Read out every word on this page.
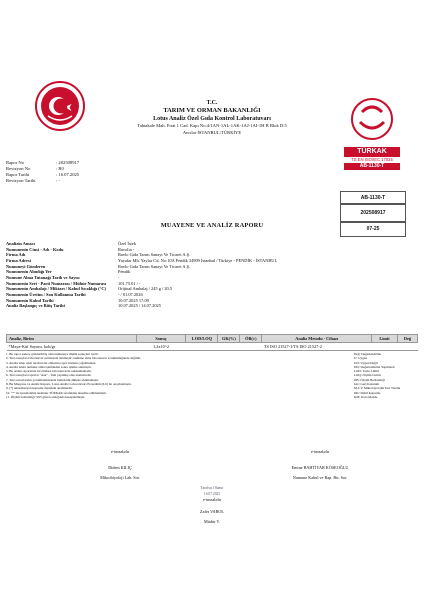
T.C.
TARIM VE ORMAN BAKANLIĞI
Lotus Analiz Özel Gıda Kontrol Laboratuvarı
Tahtakale Mah. Fırat 1 Cad. Kapı No:4/1AN-1AL-1AK-1AJ-1AI-1H B Blok D:5
Avcılar İSTANBUL/TÜRKİYE
TÜRKAK
TS EN ISO/IEC 17025
AB-1130-T
AB-1130-T
202508917
07-25
Rapor No	: 202508917
Revizyon No	: R0
Rapor Tarihi	: 16.07.2025
Revizyon Tarihi	: -
MUAYENE VE ANALİZ RAPORU
Analizin Amacı	Özel İstek
Numunenin Cinsi - Adı - Kodu	Ravolia -
Firma Adı	Ravlo Gıda Tarım Sanayi Ve Ticaret A.Ş.
Firma Adresi	Yayalar Mh. Yaylar Cd. No:10A Pendik 34909 İstanbul / Türkiye - PENDİK - İSTANBUL
Numuneyi Gönderen	Ravlo Gıda Tarım Sanayi Ve Ticaret A.Ş.
Numunenin Alındığı Yer	Pendik
Numune Alma Tutanağı Tarih ve Sayısı	-
Numunenin Seri - Parti Numarası / Mühür Numarası	101.75.01 / -
Numunenin Ambalajı / Miktarı / Kabul Sıcaklığı (°C)	Orijinal Ambalaj / 245 g / 20,5
Numunenin Üretim / Son Kullanma Tarihi	- / 01.07.2026
Numunenin Kabul Tarihi	10.07.2025 17:09
Analiz Başlangıç ve Bitiş Tarihi	10.07.2025 / 14.07.2025
Analiz, Birim	Sonuç	LOD/LOQ	GK(%)	ÖB(±)	Analiz Metodu - Cihazı	Limit	Değ
*Maya-Küf Sayımı, kob/gr	1,2x10^2				TS ISO 21527-1/TS ISO 21527-2		
1. Bu rapor sadece gönderilmiş olan numuneye ilişkin sonuçları içerir.
2. Test sonuçları laboratuvar şartlarında alınmıştır; numune alma laboratuvar sorumluluğunda değildir.
3. Analiz talep eden tarafın izni olmadan rapor kısmen çoğaltılamaz.
4. Analiz talebi numune alma işleminden sonra işleme alınmıştır.
5. Bu analiz raporunun bir nüshası laboratuvarda saklanmaktadır.
6. Test sonuçları raporlar "Ask" - Tam yapılmış olan analizlerdir.
7. Test sonuçlarının yorumlanmasında belirsizlik dikkate alınmamıştır.
8. Bu Muayene ve Analiz Raporu, Lotus Analiz Laboratuvarı Prosedürü (6.6) ile onaylanmıştır.
9. (*) Akreditasyon kapsamı dışındaki analizlerdir.
10. "*" ile işaretlenmiş analizler TÜRKAK tarafından akredite edilmemiştir.
11. Ölçüm belirsizliği %95 güven aralığında hesaplanmıştır.
Değ: Değerlendirme
U: Uygun
UD: Uygun Değil
DD: Değerlendirme Yapılmadı
LOD: Tayin Limiti
LOQ: Ölçüm Limiti
ÖB: Ölçüm Belirsizliği
GK: Geri Kazanım
M.T.T: Mikrobiyolojik Test Tanımı
DK: Dahil Kapsamı
KM: Kara Madde
e-imzalıdır
Didem KILIÇ
Mikrobiyoloji Lab. Sor.
e-imzalıdır
Emine BAHTİYAR KÖSEOĞLU
Numune Kabul ve Rap. Bir. Sor.
Tarafsız Olunur
16.07.2025
e-imzalıdır
Zafer VAROL
Müdür V.
